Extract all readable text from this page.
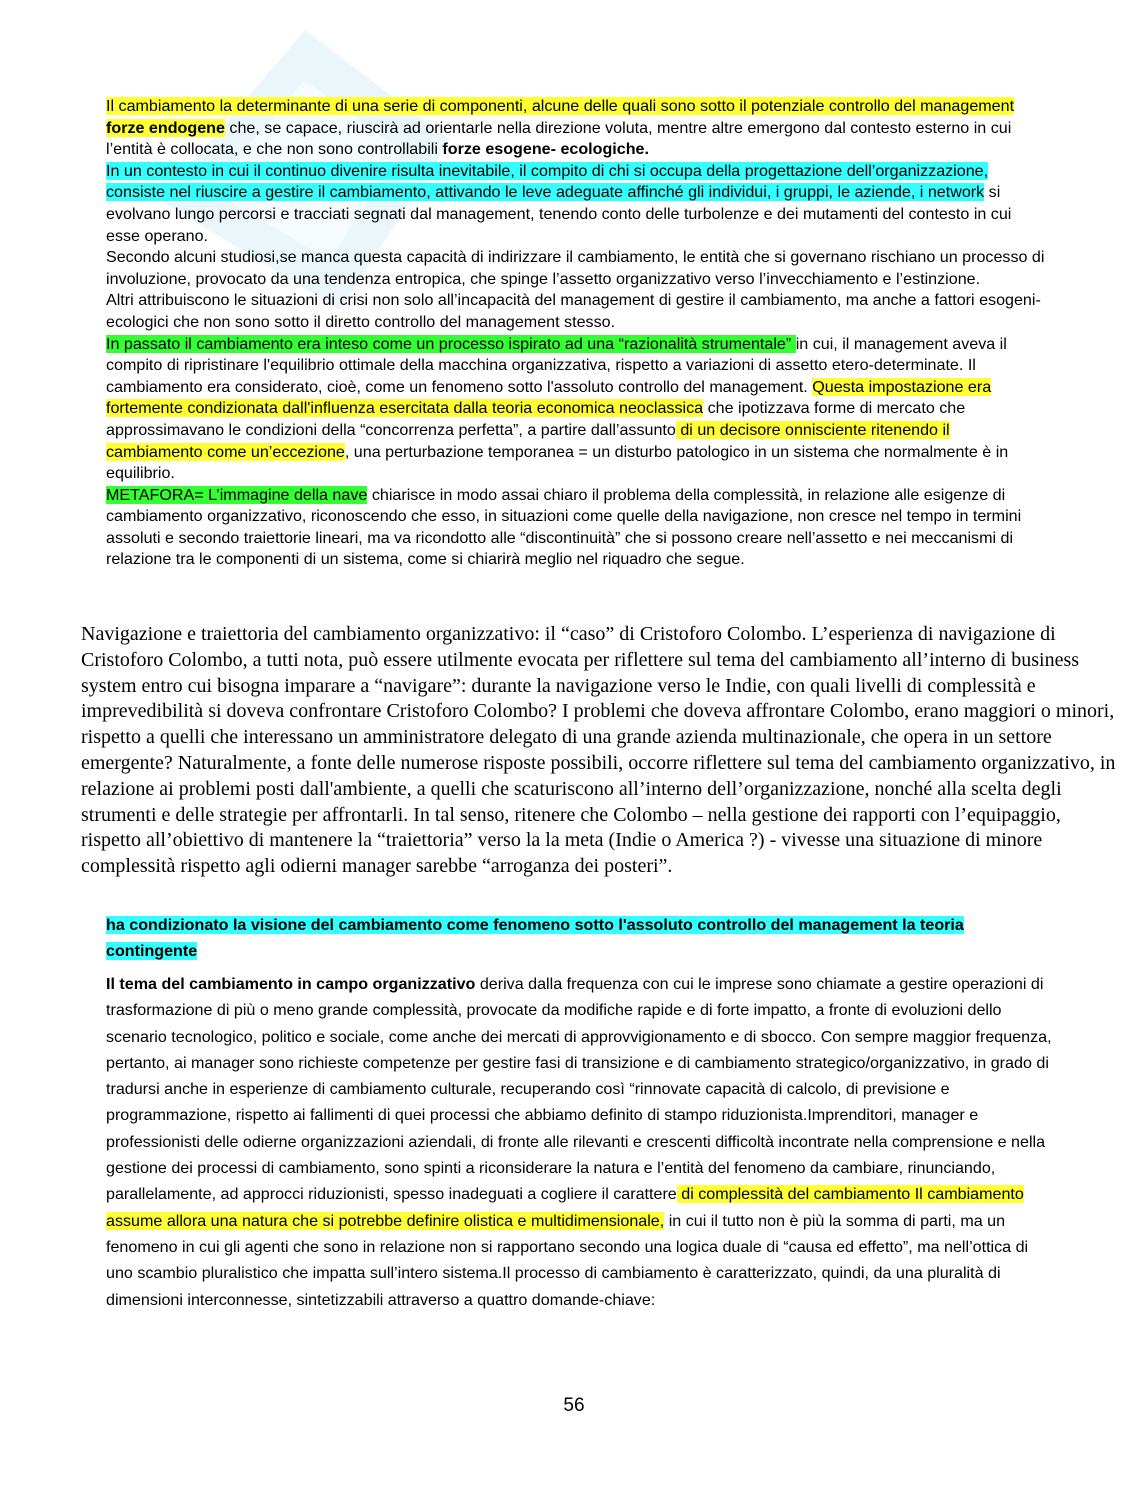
Il cambiamento la determinante di una serie di componenti, alcune delle quali sono sotto il potenziale controllo del management forze endogene che, se capace, riuscirà ad orientarle nella direzione voluta, mentre altre emergono dal contesto esterno in cui l’entità è collocata, e che non sono controllabili forze esogene- ecologiche.

In un contesto in cui il continuo divenire risulta inevitabile, il compito di chi si occupa della progettazione dell’organizzazione, consiste nel riuscire a gestire il cambiamento, attivando le leve adeguate affinché gli individui, i gruppi, le aziende, i network si evolvano lungo percorsi e tracciati segnati dal management, tenendo conto delle turbolenze e dei mutamenti del contesto in cui esse operano.

Secondo alcuni studiosi,se manca questa capacità di indirizzare il cambiamento, le entità che si governano rischiano un processo di involuzione, provocato da una tendenza entropica, che spinge l’assetto organizzativo verso l’invecchiamento e l’estinzione.

Altri attribuiscono le situazioni di crisi non solo all’incapacità del management di gestire il cambiamento, ma anche a fattori esogeni-ecologici che non sono sotto il diretto controllo del management stesso.

In passato il cambiamento era inteso come un processo ispirato ad una “razionalità strumentale” in cui, il management aveva il compito di ripristinare l'equilibrio ottimale della macchina organizzativa, rispetto a variazioni di assetto etero-determinate. Il cambiamento era considerato, cioè, come un fenomeno sotto l'assoluto controllo del management. Questa impostazione era fortemente condizionata dall'influenza esercitata dalla teoria economica neoclassica che ipotizzava forme di mercato che approssimavano le condizioni della “concorrenza perfetta”, a partire dall’assunto di un decisore onnisciente ritenendo il cambiamento come un’eccezione, una perturbazione temporanea = un disturbo patologico in un sistema che normalmente è in equilibrio.

METAFORA= L’immagine della nave chiarisce in modo assai chiaro il problema della complessità, in relazione alle esigenze di cambiamento organizzativo, riconoscendo che esso, in situazioni come quelle della navigazione, non cresce nel tempo in termini assoluti e secondo traiettorie lineari, ma va ricondotto alle “discontinuità” che si possono creare nell’assetto e nei meccanismi di relazione tra le componenti di un sistema, come si chiarirà meglio nel riquadro che segue.

Navigazione e traiettoria del cambiamento organizzativo: il “caso” di Cristoforo Colombo. L’esperienza di navigazione di Cristoforo Colombo, a tutti nota, può essere utilmente evocata per riflettere sul tema del cambiamento all’interno di business system entro cui bisogna imparare a “navigare”: durante la navigazione verso le Indie, con quali livelli di complessità e imprevedibilità si doveva confrontare Cristoforo Colombo? I problemi che doveva affrontare Colombo, erano maggiori o minori, rispetto a quelli che interessano un amministratore delegato di una grande azienda multinazionale, che opera in un settore emergente? Naturalmente, a fonte delle numerose risposte possibili, occorre riflettere sul tema del cambiamento organizzativo, in relazione ai problemi posti dall'ambiente, a quelli che scaturiscono all’interno dell’organizzazione, nonché alla scelta degli strumenti e delle strategie per affrontarli. In tal senso, ritenere che Colombo – nella gestione dei rapporti con l’equipaggio, rispetto all’obiettivo di mantenere la “traiettoria” verso la la meta (Indie o America ?) - vivesse una situazione di minore complessità rispetto agli odierni manager sarebbe “arroganza dei posteri”.

ha condizionato la visione del cambiamento come fenomeno sotto l'assoluto controllo del management la teoria contingente

Il tema del cambiamento in campo organizzativo deriva dalla frequenza con cui le imprese sono chiamate a gestire operazioni di trasformazione di più o meno grande complessità, provocate da modifiche rapide e di forte impatto, a fronte di evoluzioni dello scenario tecnologico, politico e sociale, come anche dei mercati di approvvigionamento e di sbocco. Con sempre maggior frequenza, pertanto, ai manager sono richieste competenze per gestire fasi di transizione e di cambiamento strategico/organizzativo, in grado di tradursi anche in esperienze di cambiamento culturale, recuperando così “rinnovate capacità di calcolo, di previsione e programmazione, rispetto ai fallimenti di quei processi che abbiamo definito di stampo riduzionista.Imprenditori, manager e professionisti delle odierne organizzazioni aziendali, di fronte alle rilevanti e crescenti difficoltà incontrate nella comprensione e nella gestione dei processi di cambiamento, sono spinti a riconsiderare la natura e l’entità del fenomeno da cambiare, rinunciando, parallelamente, ad approcci riduzionisti, spesso inadeguati a cogliere il carattere di complessità del cambiamento Il cambiamento assume allora una natura che si potrebbe definire olistica e multidimensionale, in cui il tutto non è più la somma di parti, ma un fenomeno in cui gli agenti che sono in relazione non si rapportano secondo una logica duale di “causa ed effetto”, ma nell’ottica di uno scambio pluralistico che impatta sull’intero sistema.Il processo di cambiamento è caratterizzato, quindi, da una pluralità di dimensioni interconnesse, sintetizzabili attraverso a quattro domande-chiave:

56
